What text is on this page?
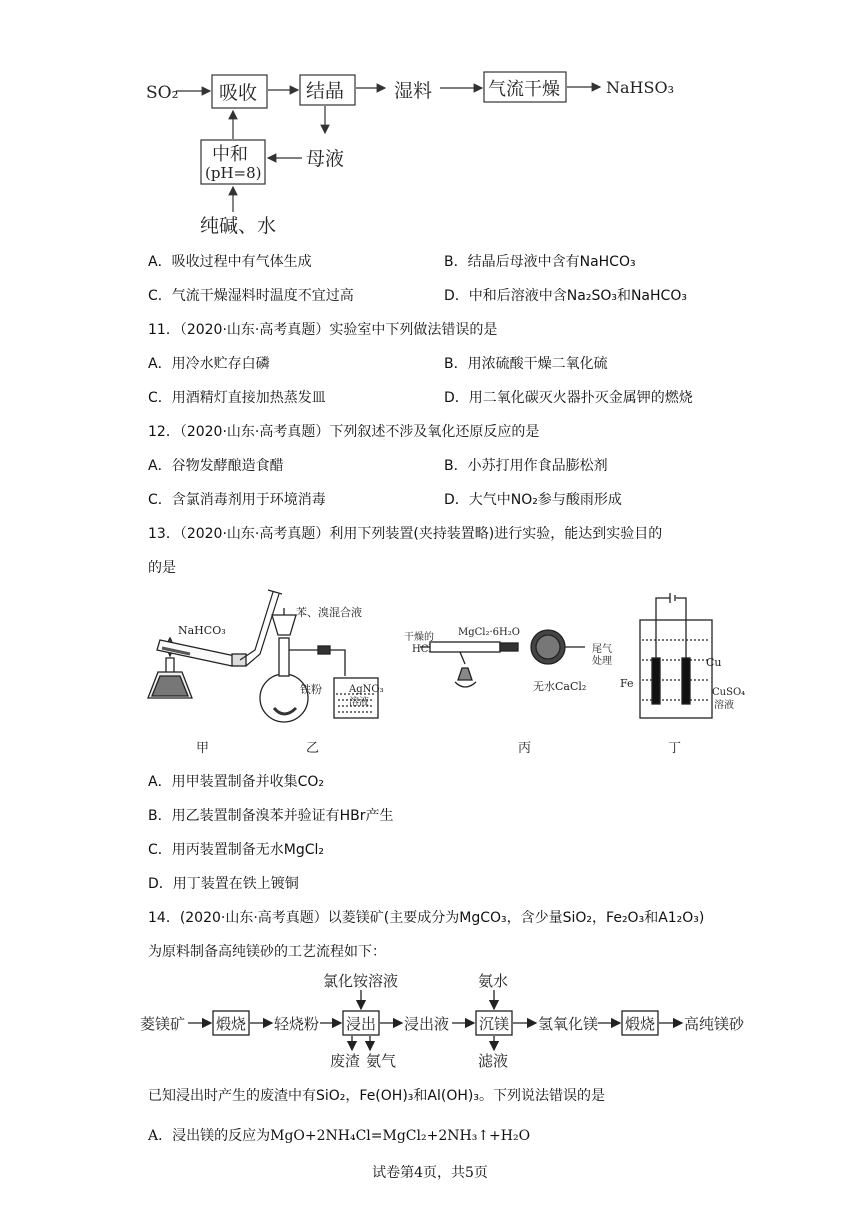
SO₂ 吸收	结晶	湿料	气流干燥	NaHSO₃
中和
(pH=8)
母液
纯碱、水
A．吸收过程中有气体生成	B．结晶后母液中含有NaHCO₃
C．气流干燥湿料时温度不宜过高	D．中和后溶液中含Na₂SO₃和NaHCO₃
11．（2020·山东·高考真题）实验室中下列做法错误的是
A．用冷水贮存白磷	B．用浓硫酸干燥二氧化硫
C．用酒精灯直接加热蒸发皿	D．用二氧化碳灭火器扑灭金属钾的燃烧
12．（2020·山东·高考真题）下列叙述不涉及氧化还原反应的是
A．谷物发酵酿造食醋	B．小苏打用作食品膨松剂
C．含氯消毒剂用于环境消毒	D．大气中NO₂参与酸雨形成
13．（2020·山东·高考真题）利用下列装置(夹持装置略)进行实验，能达到实验目的
的是
NaHCO₃
苯、溴混合液
铁粉	AgNO₃
溶液
干燥的
HCl
MgCl₂·6H₂O
尾气
处理
无水CaCl₂
Cu
Fe
CuSO₄
溶液
甲	乙	丙	丁
A．用甲装置制备并收集CO₂
B．用乙装置制备溴苯并验证有HBr产生
C．用丙装置制备无水MgCl₂
D．用丁装置在铁上镀铜
14．(2020·山东·高考真题）以菱镁矿(主要成分为MgCO₃，含少量SiO₂，Fe₂O₃和A1₂O₃)
为原料制备高纯镁砂的工艺流程如下：
氯化铵溶液	氨水
菱镁矿 煅烧 轻烧粉 浸出 浸出液 沉镁 氢氧化镁 煅烧 高纯镁砂
废渣 氨气	滤液
已知浸出时产生的废渣中有SiO₂，Fe(OH)₃和Al(OH)₃。下列说法错误的是
A．浸出镁的反应为MgO+2NH₄Cl=MgCl₂+2NH₃↑+H₂O
试卷第4页，共5页
